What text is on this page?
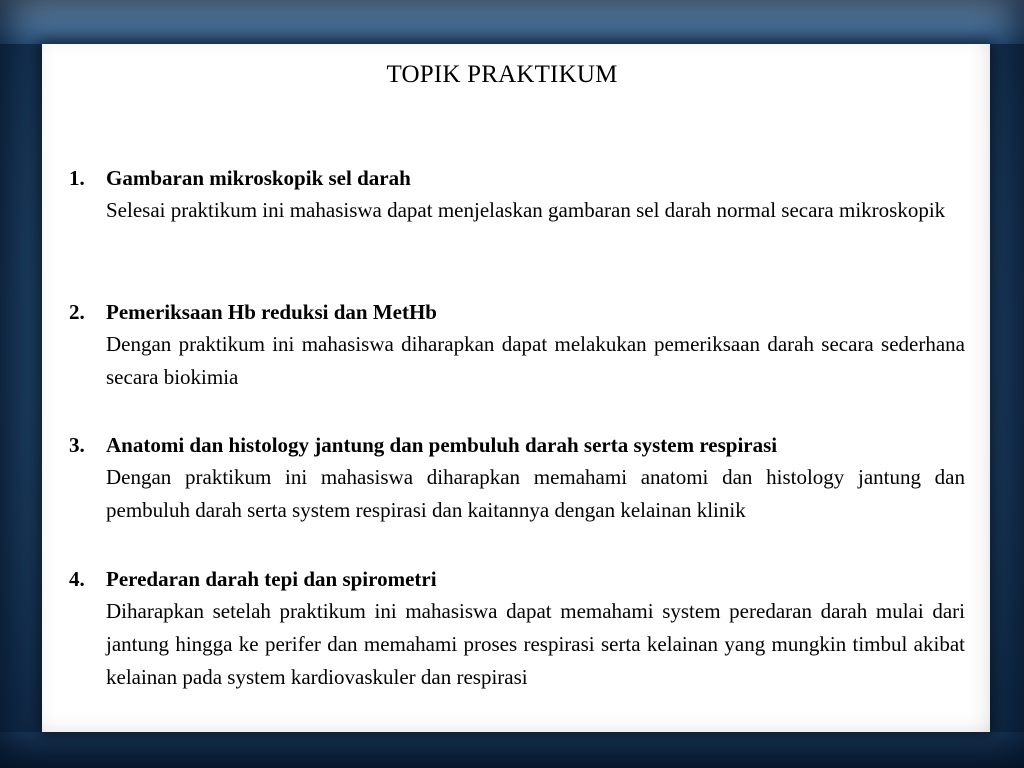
TOPIK PRAKTIKUM
1.	Gambaran mikroskopik sel darah
Selesai praktikum ini mahasiswa dapat menjelaskan gambaran sel darah normal secara mikroskopik
2.	Pemeriksaan Hb reduksi dan MetHb
Dengan praktikum ini mahasiswa diharapkan dapat melakukan pemeriksaan darah secara sederhana secara biokimia
3.	Anatomi dan histology jantung dan pembuluh darah serta system respirasi
Dengan praktikum ini mahasiswa diharapkan memahami anatomi dan histology jantung dan pembuluh darah serta system respirasi dan kaitannya dengan kelainan klinik
4.	Peredaran darah tepi dan spirometri
Diharapkan setelah praktikum ini mahasiswa dapat memahami system peredaran darah mulai dari jantung hingga ke perifer dan memahami proses respirasi serta kelainan yang mungkin timbul akibat kelainan pada system kardiovaskuler dan respirasi
